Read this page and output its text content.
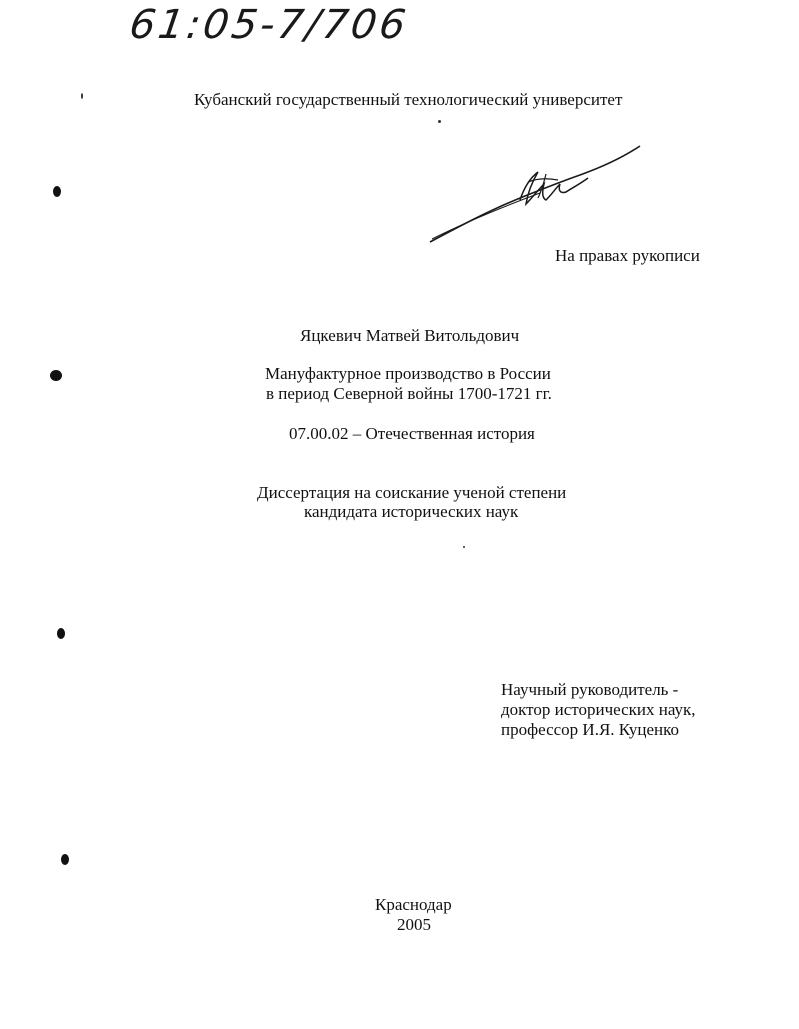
61:05-7/706
Кубанский государственный технологический университет
На правах рукописи
Яцкевич Матвей Витольдович
Мануфактурное производство в России
в период Северной войны 1700-1721 гг.
07.00.02 – Отечественная история
Диссертация на соискание ученой степени
кандидата исторических наук
Научный руководитель -
доктор исторических наук,
профессор И.Я. Куценко
Краснодар
2005
